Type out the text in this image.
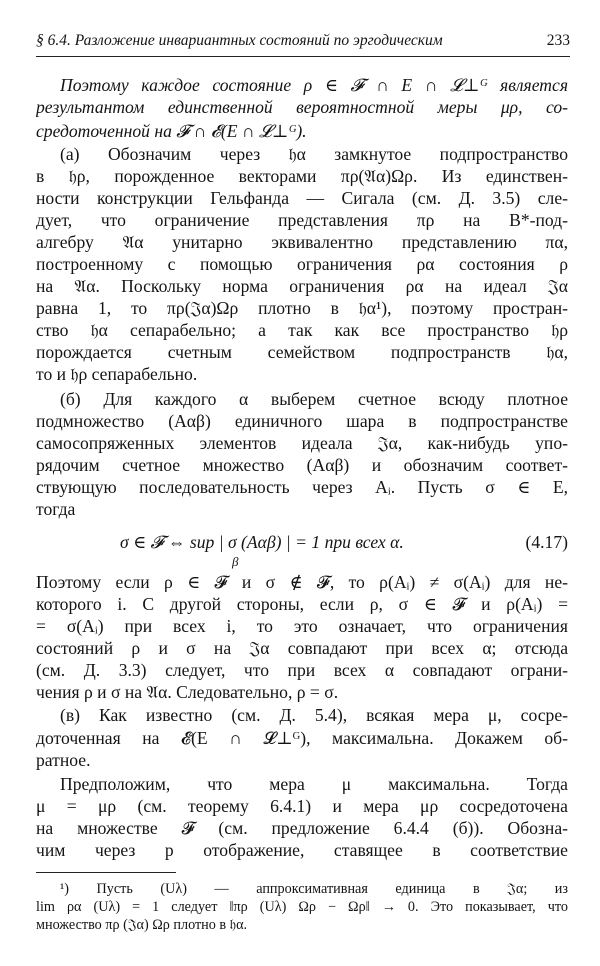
§ 6.4. Разложение инвариантных состояний по эргодическим	233
Поэтому каждое состояние ρ ∈ 𝓕 ∩ E ∩ 𝓛⊥ᴳ является
результантом единственной вероятностной меры μρ, со-
средоточенной на 𝓕 ∩ 𝓔(E ∩ 𝓛⊥ᴳ).
(а) Обозначим через 𝔥α замкнутое подпространство
в 𝔥ρ, порожденное векторами πρ(𝔄α)Ωρ. Из единствен-
ности конструкции Гельфанда — Сигала (см. Д. 3.5) сле-
дует, что ограничение представления πρ на B*-под-
алгебру 𝔄α унитарно эквивалентно представлению πα,
построенному с помощью ограничения ρα состояния ρ
на 𝔄α. Поскольку норма ограничения ρα на идеал 𝔍α
равна 1, то πρ(𝔍α)Ωρ плотно в 𝔥α¹), поэтому простран-
ство 𝔥α сепарабельно; а так как все пространство 𝔥ρ
порождается счетным семейством подпространств 𝔥α,
то и 𝔥ρ сепарабельно.
(б) Для каждого α выберем счетное всюду плотное
подмножество (Aαβ) единичного шара в подпространстве
самосопряженных элементов идеала 𝔍α, как-нибудь упо-
рядочим счетное множество (Aαβ) и обозначим соответ-
ствующую последовательность через Aᵢ. Пусть σ ∈ E,
тогда
σ ∈ 𝓕 ⇔ sup | σ (Aαβ) | = 1 при всех α.
β
(4.17)
Поэтому если ρ ∈ 𝓕 и σ ∉ 𝓕, то ρ(Aᵢ) ≠ σ(Aᵢ) для не-
которого i. С другой стороны, если ρ, σ ∈ 𝓕 и ρ(Aᵢ) =
= σ(Aᵢ) при всех i, то это означает, что ограничения
состояний ρ и σ на 𝔍α совпадают при всех α; отсюда
(см. Д. 3.3) следует, что при всех α совпадают ограни-
чения ρ и σ на 𝔄α. Следовательно, ρ = σ.
(в) Как известно (см. Д. 5.4), всякая мера μ, сосре-
доточенная на 𝓔(E ∩ 𝓛⊥ᴳ), максимальна. Докажем об-
ратное.
Предположим, что мера μ максимальна. Тогда
μ = μρ (см. теорему 6.4.1) и мера μρ сосредоточена
на множестве 𝓕 (см. предложение 6.4.4 (б)). Обозна-
чим через p отображение, ставящее в соответствие
¹) Пусть (Uλ) — аппроксимативная единица в 𝔍α; из
lim ρα (Uλ) = 1 следует ‖πρ (Uλ) Ωρ − Ωρ‖ → 0. Это показывает, что
множество πρ (𝔍α) Ωρ плотно в 𝔥α.
